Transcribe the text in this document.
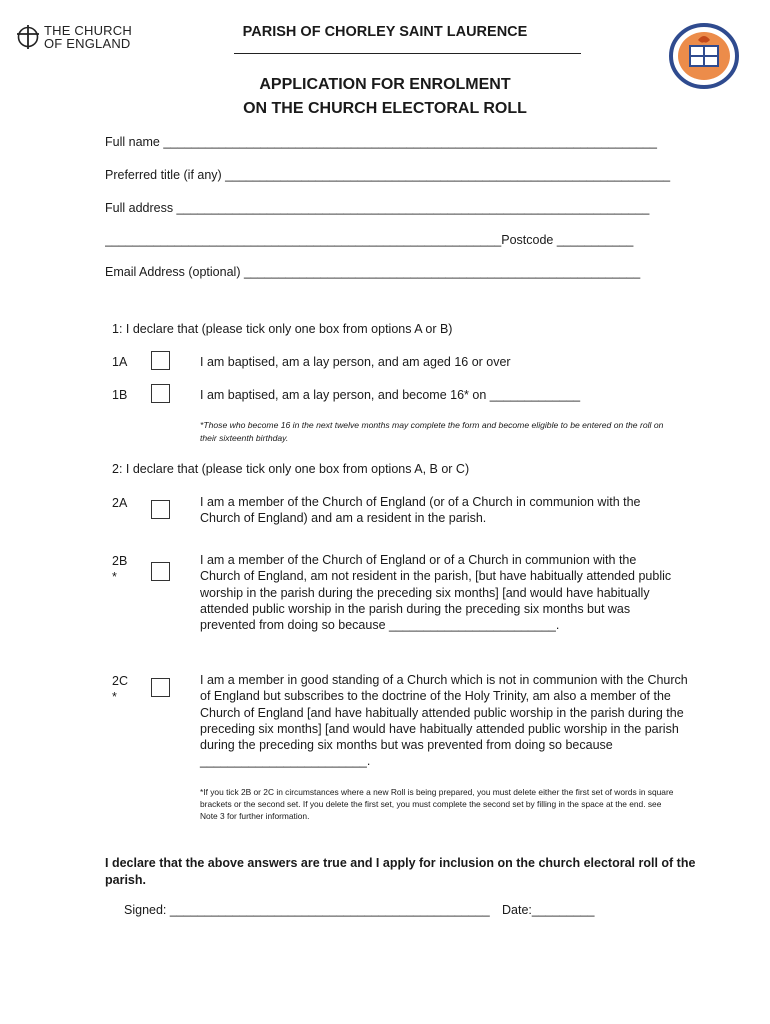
THE CHURCH
OF ENGLAND
PARISH OF CHORLEY SAINT LAURENCE
APPLICATION FOR ENROLMENT
ON THE CHURCH ELECTORAL ROLL
Full name _______________________________________________________________________
Preferred title (if any) ________________________________________________________________
Full address ____________________________________________________________________
_________________________________________________________Postcode ___________
Email Address (optional) _________________________________________________________
1: I declare that (please tick only one box from options A or B)
1A	I am baptised, am a lay person, and am aged 16 or over
1B	I am baptised, am a lay person, and become 16* on _____________
*Those who become 16 in the next twelve months may complete the form and become eligible to be entered on the roll on their sixteenth birthday.
2: I declare that (please tick only one box from options A, B or C)
2A	I am a member of the Church of England (or of a Church in communion with the Church of England) and am a resident in the parish.
2B
*
I am a member of the Church of England or of a Church in communion with the Church of England, am not resident in the parish, [but have habitually attended public worship in the parish during the preceding six months] [and would have habitually attended public worship in the parish during the preceding six months but was prevented from doing so because ________________________.
2C
*
I am a member in good standing of a Church which is not in communion with the Church of England but subscribes to the doctrine of the Holy Trinity, am also a member of the Church of England [and have habitually attended public worship in the parish during the preceding six months] [and would have habitually attended public worship in the parish during the preceding six months but was prevented from doing so because ________________________.
*If you tick 2B or 2C in circumstances where a new Roll is being prepared, you must delete either the first set of words in square brackets or the second set. If you delete the first set, you must complete the second set by filling in the space at the end. see Note 3 for further information.
I declare that the above answers are true and I apply for inclusion on the church electoral roll of the parish.
Signed: ______________________________________________ Date:_________
